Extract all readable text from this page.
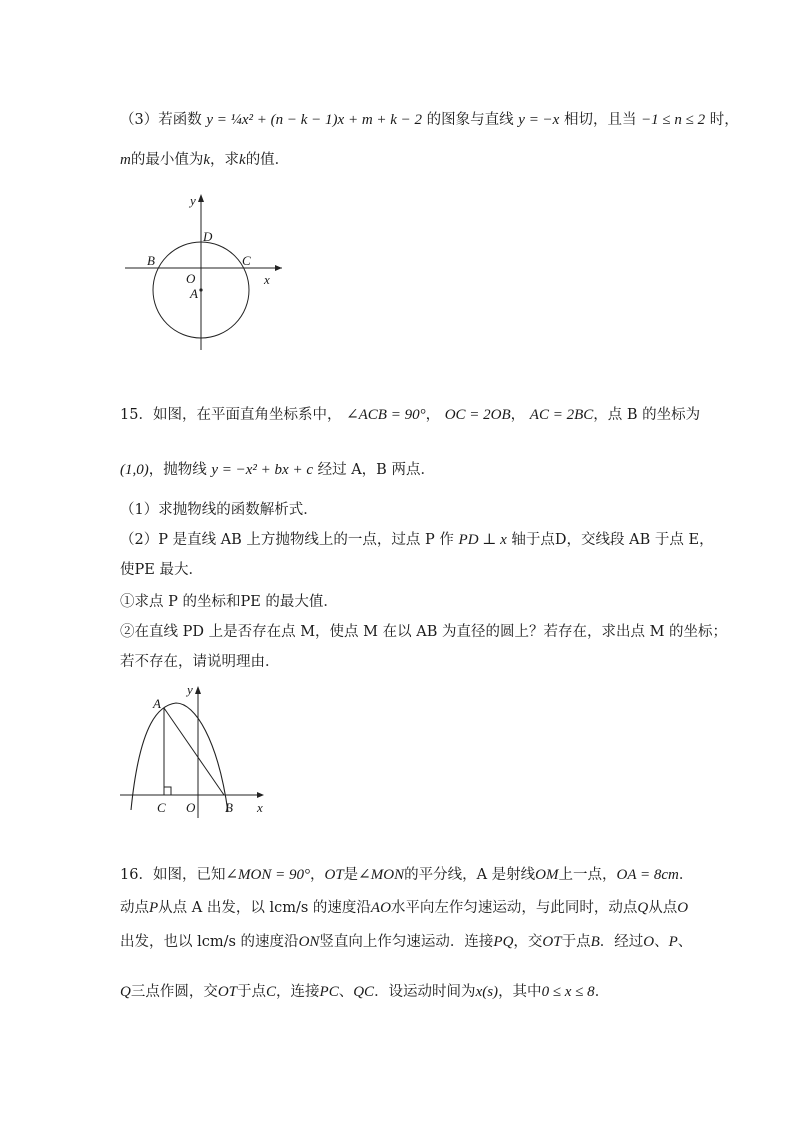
（3）若函数 y = ¼x² + (n − k − 1)x + m + k − 2 的图象与直线 y = −x 相切，且当 −1 ≤ n ≤ 2 时，
m的最小值为k，求k的值．
y
x
D
B	C
O
A
15．如图，在平面直角坐标系中， ∠ACB = 90°， OC = 2OB， AC = 2BC，点 B 的坐标为
(1,0)，抛物线 y = −x² + bx + c 经过 A，B 两点．
（1）求抛物线的函数解析式．
（2）P 是直线 AB 上方抛物线上的一点，过点 P 作 PD ⊥ x 轴于点D，交线段 AB 于点 E，
使PE 最大．
①求点 P 的坐标和PE 的最大值．
②在直线 PD 上是否存在点 M，使点 M 在以 AB 为直径的圆上？若存在，求出点 M 的坐标；
若不存在，请说明理由．
A
y
C O B x
16．如图，已知∠MON = 90°，OT是∠MON的平分线，A 是射线OM上一点，OA = 8cm．
动点P从点 A 出发，以 lcm/s 的速度沿AO水平向左作匀速运动，与此同时，动点Q从点O
出发，也以 lcm/s 的速度沿ON竖直向上作匀速运动．连接PQ，交OT于点B．经过O、P、
Q三点作圆，交OT于点C，连接PC、QC．设运动时间为x(s)，其中0 ≤ x ≤ 8．
